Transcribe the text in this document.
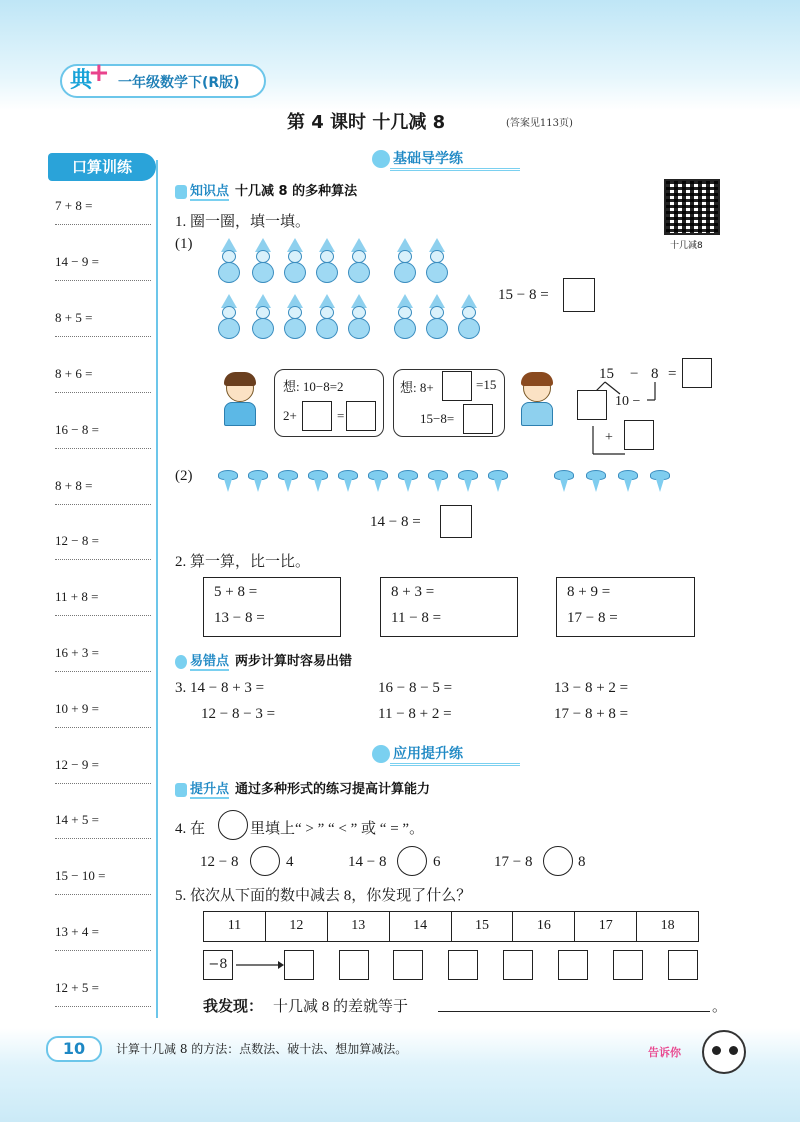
典
+ 一年级数学下(R版)
第 4 课时 十几减 8	(答案见113页)
口算训练
7 + 8 =
14 − 9 =
8 + 5 =
8 + 6 =
16 − 8 =
8 + 8 =
12 − 8 =
11 + 8 =
16 + 3 =
10 + 9 =
12 − 9 =
14 + 5 =
15 − 10 =
13 + 4 =
12 + 5 =
基础导学练
十几减8
知识点 十几减 8 的多种算法
1. 圈一圈，填一填。
(1)
15 − 8 =
想: 10−8=2
2+	=
想: 8+	=15
15−8=
15 − 8 =
10 −
+
(2)
14 − 8 =
2. 算一算，比一比。
5 + 8 =
13 − 8 =
8 + 3 =
11 − 8 =
8 + 9 =
17 − 8 =
易错点 两步计算时容易出错
3. 14 − 8 + 3 =	16 − 8 − 5 =	13 − 8 + 2 =
12 − 8 − 3 =	11 − 8 + 2 =	17 − 8 + 8 =
应用提升练
提升点 通过多种形式的练习提高计算能力
4. 在	里填上“ > ” “ < ” 或 “ = ”。
12 − 8	4	14 − 8	6	17 − 8	8
5. 依次从下面的数中减去 8，你发现了什么？
11	12	13	14	15	16	17	18
−8
我发现： 十几减 8 的差就等于	。
10	计算十几减 8 的方法：点数法、破十法、想加算减法。	告诉你
